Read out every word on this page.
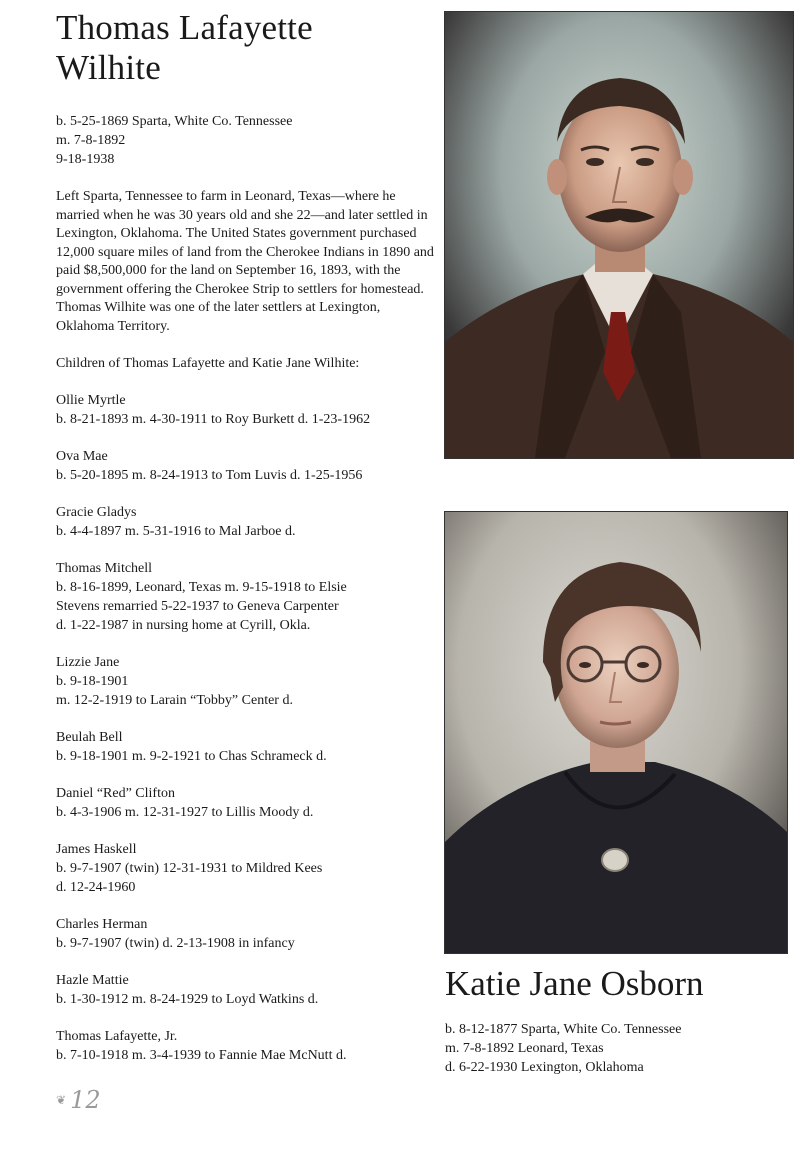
Thomas Lafayette
Wilhite
b. 5-25-1869 Sparta, White Co. Tennessee
m. 7-8-1892
9-18-1938

Left Sparta, Tennessee to farm in Leonard, Texas—where he married when he was 30 years old and she 22—and later settled in Lexington, Oklahoma. The United States government purchased 12,000 square miles of land from the Cherokee Indians in 1890 and paid $8,500,000 for the land on September 16, 1893, with the government offering the Cherokee Strip to settlers for homestead. Thomas Wilhite was one of the later settlers at Lexington, Oklahoma Territory.

Children of Thomas Lafayette and Katie Jane Wilhite:

Ollie Myrtle
b. 8-21-1893 m. 4-30-1911 to Roy Burkett d. 1-23-1962
Ova Mae
b. 5-20-1895 m. 8-24-1913 to Tom Luvis d. 1-25-1956
Gracie Gladys
b. 4-4-1897 m. 5-31-1916 to Mal Jarboe d.
Thomas Mitchell
b. 8-16-1899, Leonard, Texas m. 9-15-1918 to Elsie
Stevens remarried 5-22-1937 to Geneva Carpenter
d. 1-22-1987 in nursing home at Cyrill, Okla.
Lizzie Jane
b. 9-18-1901
m. 12-2-1919 to Larain “Tobby” Center d.
Beulah Bell
b. 9-18-1901 m. 9-2-1921 to Chas Schrameck d.
Daniel “Red” Clifton
b. 4-3-1906 m. 12-31-1927 to Lillis Moody d.
James Haskell
b. 9-7-1907 (twin) 12-31-1931 to Mildred Kees
d. 12-24-1960
Charles Herman
b. 9-7-1907 (twin) d. 2-13-1908 in infancy
Hazle Mattie
b. 1-30-1912 m. 8-24-1929 to Loyd Watkins d.
Thomas Lafayette, Jr.
b. 7-10-1918 m. 3-4-1939 to Fannie Mae McNutt d.
❦ 12
Katie Jane Osborn
b. 8-12-1877 Sparta, White Co. Tennessee
m. 7-8-1892 Leonard, Texas
d. 6-22-1930 Lexington, Oklahoma
